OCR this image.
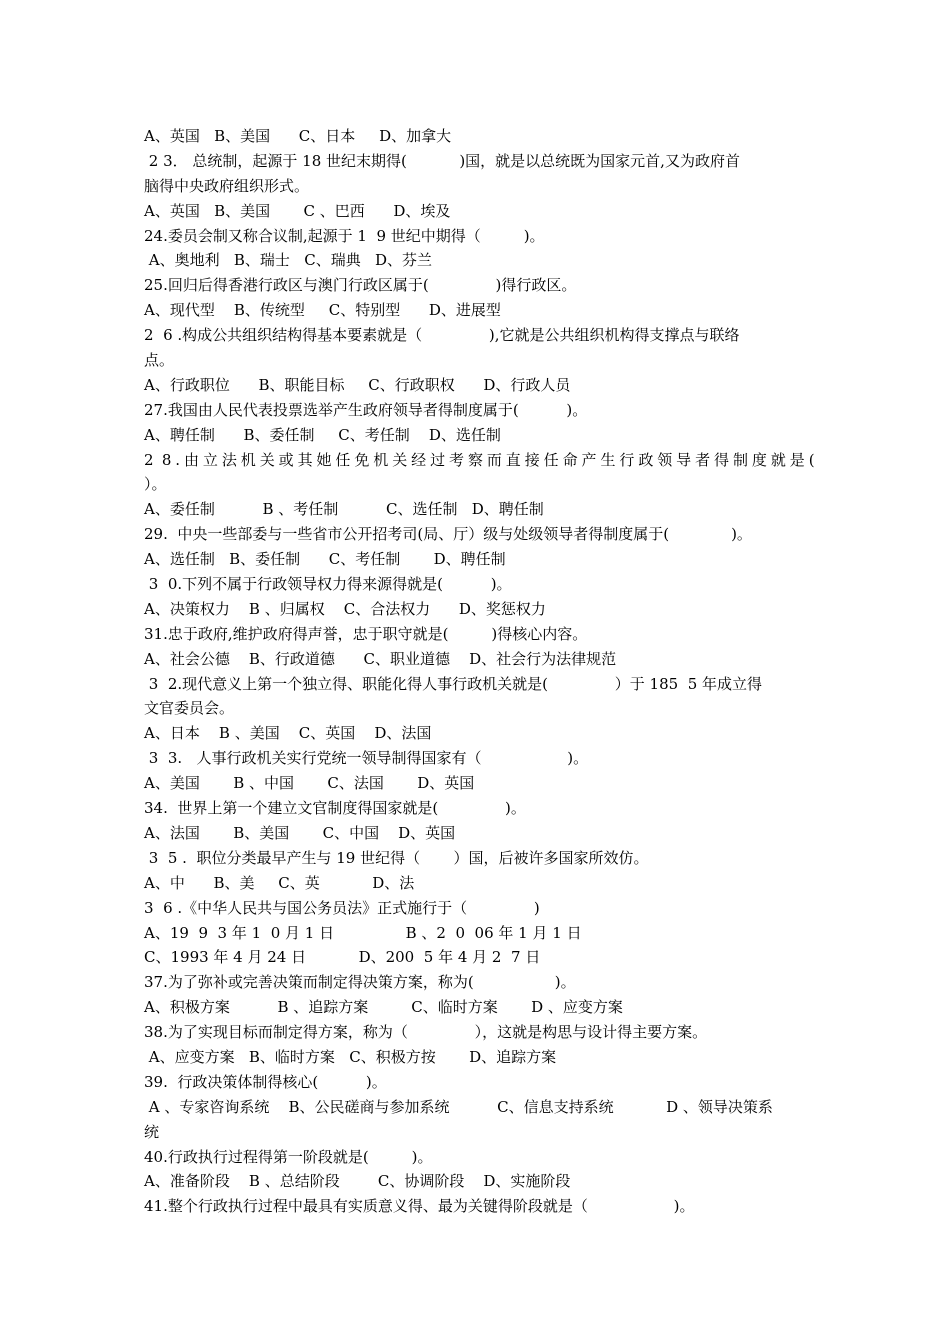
A、英国   B、美国      C、日本     D、加拿大
2 3． 总统制，起源于 18 世纪末期得(           )国，就是以总统既为国家元首,又为政府首
脑得中央政府组织形式。
A、英国   B、美国       C 、巴西      D、埃及
24.委员会制又称合议制,起源于 1  9 世纪中期得（         )。
A、奥地利   B、瑞士   C、瑞典   D、芬兰
25.回归后得香港行政区与澳门行政区属于(              )得行政区。
A、现代型    B、传统型     C、特别型      D、进展型
2  6 .构成公共组织结构得基本要素就是（              ),它就是公共组织机构得支撑点与联络
点。
A、行政职位      B、职能目标     C、行政职权      D、行政人员
27.我国由人民代表投票选举产生政府领导者得制度属于(          )。
A、聘任制      B、委任制     C、考任制    D、选任制
2  8 . 由 立 法 机 关 或 其 她 任 免 机 关 经 过 考 察 而 直 接 任 命 产 生 行 政 领 导 者 得 制 度 就 是 (
）。
A、委任制          B 、考任制          C、选任制   D、聘任制
29.  中央一些部委与一些省市公开招考司(局、厅）级与处级领导者得制度属于(             )。
A、选任制   B、委任制      C、考任制       D、聘任制
3  0.下列不属于行政领导权力得来源得就是(          )。
A、决策权力    B 、归属权    C、合法权力      D、奖惩权力
31.忠于政府,维护政府得声誉，忠于职守就是(         )得核心内容。
A、社会公德    B、行政道德      C、职业道德    D、社会行为法律规范
3  2.现代意义上第一个独立得、职能化得人事行政机关就是(              ）于 185  5 年成立得
文官委员会。
A、日本    B 、美国    C、英国    D、法国
3  3.   人事行政机关实行党统一领导制得国家有（                  )。
A、美国       B 、中国       C、法国       D、英国
34.  世界上第一个建立文官制度得国家就是(              )。
A、法国       B、美国       C、中国    D、英国
3  5 .  职位分类最早产生与 19 世纪得（       ）国，后被许多国家所效仿。
A、中      B、美     C、英           D、法
3  6 .《中华人民共与国公务员法》正式施行于（              )
A、19  9  3 年 1  0 月 1 日               B 、2  0  06 年 1 月 1 日
C、1993 年 4 月 24 日           D、200  5 年 4 月 2  7 日
37.为了弥补或完善决策而制定得决策方案，称为(                 )。
A、积极方案          B 、追踪方案         C、临时方案       D 、应变方案
38.为了实现目标而制定得方案，称为（              ），这就是构思与设计得主要方案。
A、应变方案   B、临时方案   C、积极方按       D、追踪方案
39.  行政决策体制得核心(          )。
A 、专家咨询系统    B、公民磋商与参加系统          C、信息支持系统           D 、领导决策系
统
40.行政执行过程得第一阶段就是(         )。
A、准备阶段    B 、总结阶段        C、协调阶段    D、实施阶段
41.整个行政执行过程中最具有实质意义得、最为关键得阶段就是（                  )。
